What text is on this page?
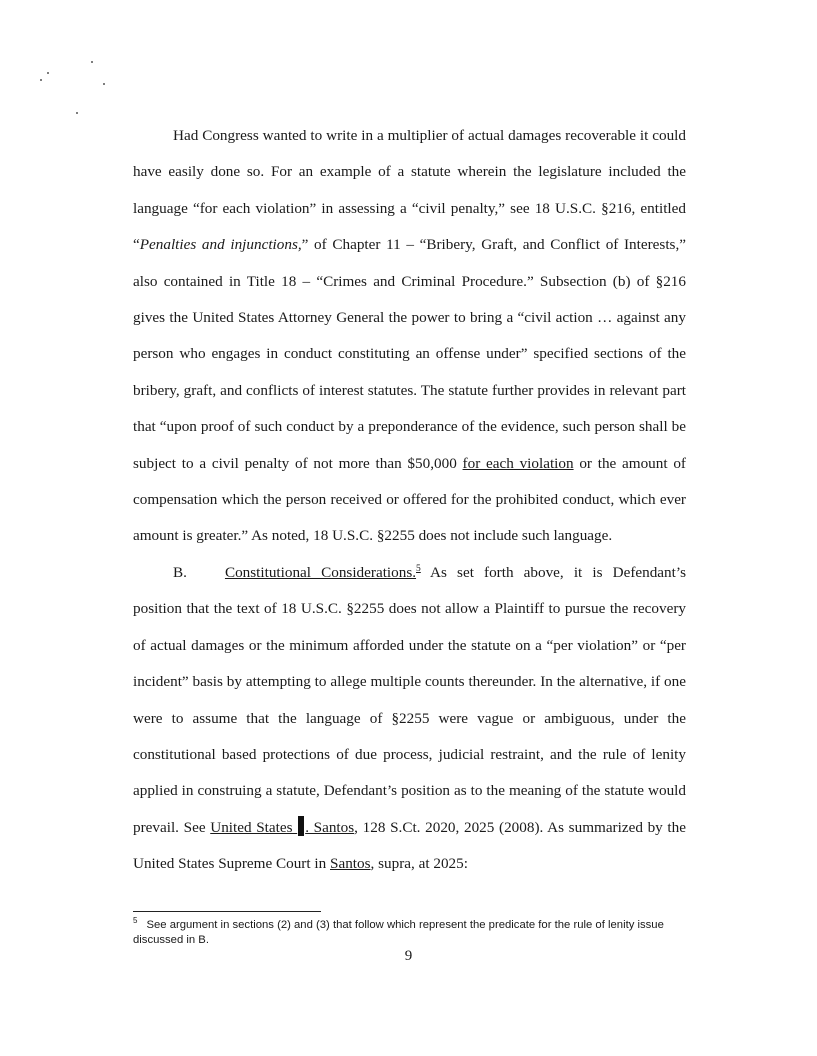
Had Congress wanted to write in a multiplier of actual damages recoverable it could have easily done so. For an example of a statute wherein the legislature included the language “for each violation” in assessing a “civil penalty,” see 18 U.S.C. §216, entitled “Penalties and injunctions,” of Chapter 11 – “Bribery, Graft, and Conflict of Interests,” also contained in Title 18 – “Crimes and Criminal Procedure.” Subsection (b) of §216 gives the United States Attorney General the power to bring a “civil action … against any person who engages in conduct constituting an offense under” specified sections of the bribery, graft, and conflicts of interest statutes. The statute further provides in relevant part that “upon proof of such conduct by a preponderance of the evidence, such person shall be subject to a civil penalty of not more than $50,000 for each violation or the amount of compensation which the person received or offered for the prohibited conduct, which ever amount is greater.” As noted, 18 U.S.C. §2255 does not include such language.

B.	Constitutional Considerations.$^5$ As set forth above, it is Defendant’s position that the text of 18 U.S.C. §2255 does not allow a Plaintiff to pursue the recovery of actual damages or the minimum afforded under the statute on a “per violation” or “per incident” basis by attempting to allege multiple counts thereunder. In the alternative, if one were to assume that the language of §2255 were vague or ambiguous, under the constitutional based protections of due process, judicial restraint, and the rule of lenity applied in construing a statute, Defendant’s position as to the meaning of the statute would prevail. See United States . Santos, 128 S.Ct. 2020, 2025 (2008). As summarized by the United States Supreme Court in Santos, supra, at 2025:

$^5$ See argument in sections (2) and (3) that follow which represent the predicate for the rule of lenity issue discussed in B.
9
